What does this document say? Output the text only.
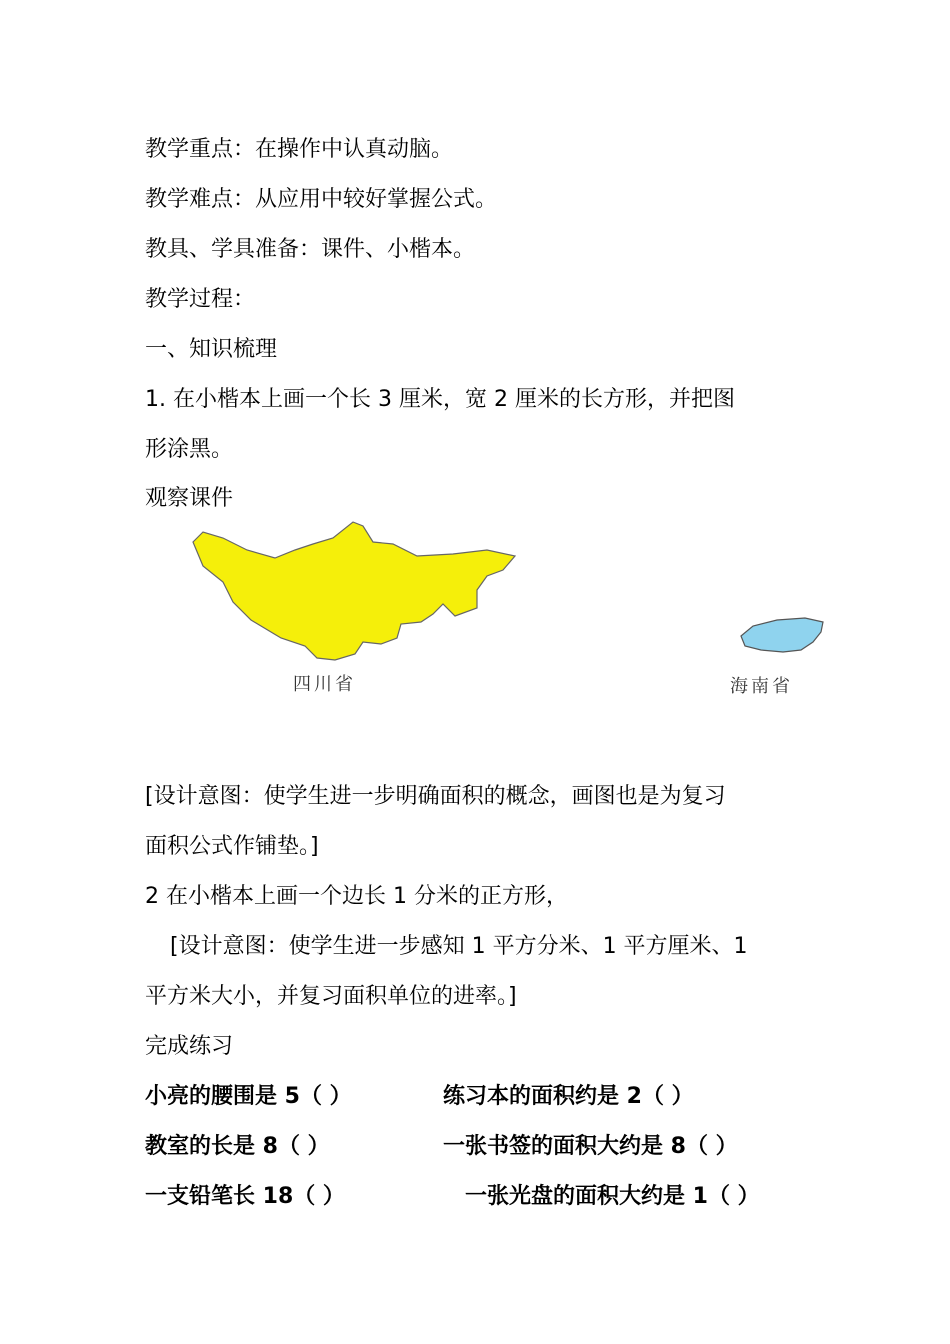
教学重点：在操作中认真动脑。
教学难点：从应用中较好掌握公式。
教具、学具准备：课件、小楷本。
教学过程：
一、知识梳理
1. 在小楷本上画一个长 3 厘米，宽 2 厘米的长方形，并把图
形涂黑。
观察课件
四川省	海南省
[设计意图：使学生进一步明确面积的概念，画图也是为复习
面积公式作铺垫。]
2 在小楷本上画一个边长 1 分米的正方形，
[设计意图：使学生进一步感知 1 平方分米、1 平方厘米、1
平方米大小，并复习面积单位的进率。]
完成练习
小亮的腰围是 5（ ）	练习本的面积约是 2（ ）
教室的长是 8（ ）	一张书签的面积大约是 8（ ）
一支铅笔长 18（ ）	一张光盘的面积大约是 1（ ）
